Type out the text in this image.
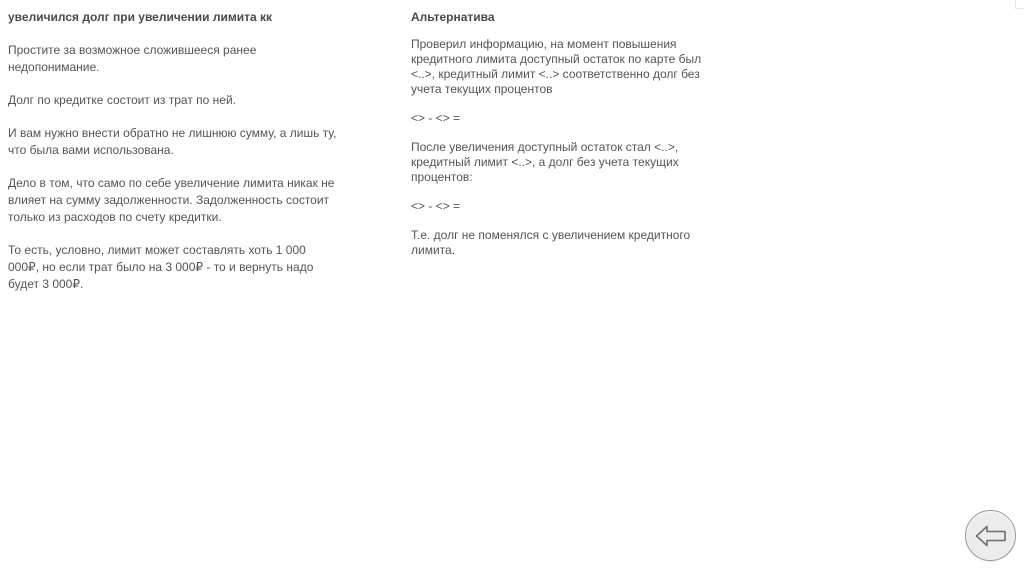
увеличился долг при увеличении лимита кк

Простите за возможное сложившееся ранее
недопонимание.

Долг по кредитке состоит из трат по ней.

И вам нужно внести обратно не лишнюю сумму, а лишь ту,
что была вами использована.

Дело в том, что само по себе увеличение лимита никак не
влияет на сумму задолженности. Задолженность состоит
только из расходов по счету кредитки.

То есть, условно, лимит может составлять хоть 1 000
000₽, но если трат было на 3 000₽ - то и вернуть надо
будет 3 000₽.

Альтернатива

Проверил информацию, на момент повышения
кредитного лимита доступный остаток по карте был
<..>, кредитный лимит <..> соответственно долг без
учета текущих процентов

<> - <> =

После увеличения доступный остаток стал <..>,
кредитный лимит <..>, а долг без учета текущих
процентов:

<> - <> =

Т.е. долг не поменялся с увеличением кредитного
лимита.
